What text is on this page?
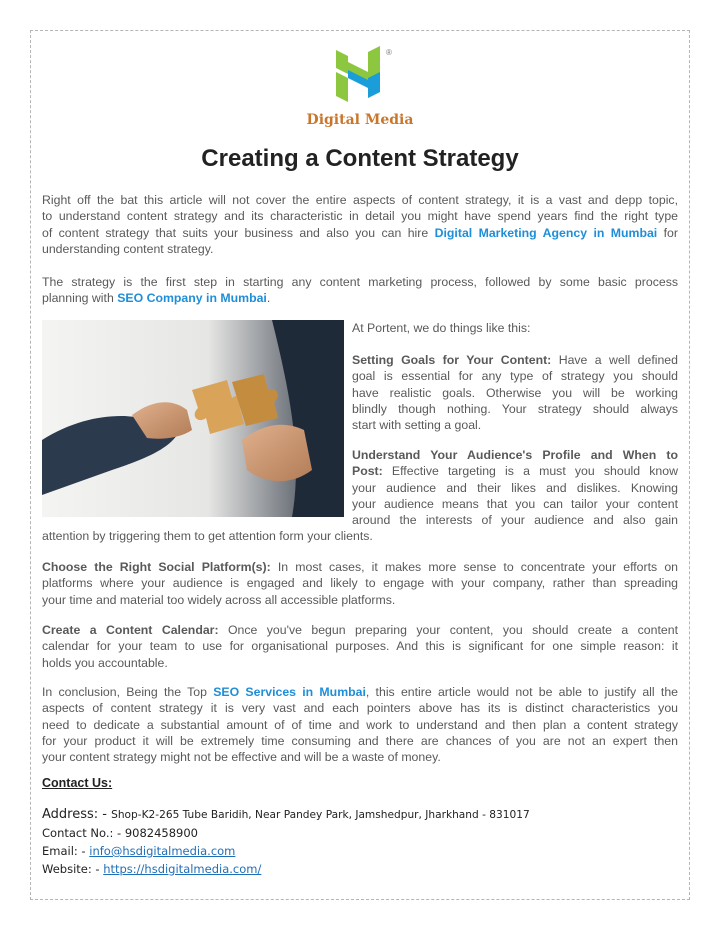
®
Digital Media
Creating a Content Strategy

Right off the bat this article will not cover the entire aspects of content strategy, it is a vast and depp topic,
to understand content strategy and its characteristic in detail you might have spend years find the right type
of content strategy that suits your business and also you can hire Digital Marketing Agency in Mumbai for
understanding content strategy.

The strategy is the first step in starting any content marketing process, followed by some basic process
planning with SEO Company in Mumbai.

At Portent, we do things like this:

Setting Goals for Your Content: Have a well defined
goal is essential for any type of strategy you should
have realistic goals. Otherwise you will be working
blindly though nothing. Your strategy should always
start with setting a goal.

Understand Your Audience's Profile and When to
Post: Effective targeting is a must you should know
your audience and their likes and dislikes. Knowing
your audience means that you can tailor your content
around the interests of your audience and also gain

attention by triggering them to get attention form your clients.

Choose the Right Social Platform(s): In most cases, it makes more sense to concentrate your efforts on
platforms where your audience is engaged and likely to engage with your company, rather than spreading
your time and material too widely across all accessible platforms.

Create a Content Calendar: Once you've begun preparing your content, you should create a content
calendar for your team to use for organisational purposes. And this is significant for one simple reason: it
holds you accountable.

In conclusion, Being the Top SEO Services in Mumbai, this entire article would not be able to justify all the
aspects of content strategy it is very vast and each pointers above has its is distinct characteristics you
need to dedicate a substantial amount of of time and work to understand and then plan a content strategy
for your product it will be extremely time consuming and there are chances of you are not an expert then
your content strategy might not be effective and will be a waste of money.

Contact Us:

Address: - Shop-K2-265 Tube Baridih, Near Pandey Park, Jamshedpur, Jharkhand - 831017
Contact No.: - 9082458900
Email: - info@hsdigitalmedia.com
Website: - https://hsdigitalmedia.com/
